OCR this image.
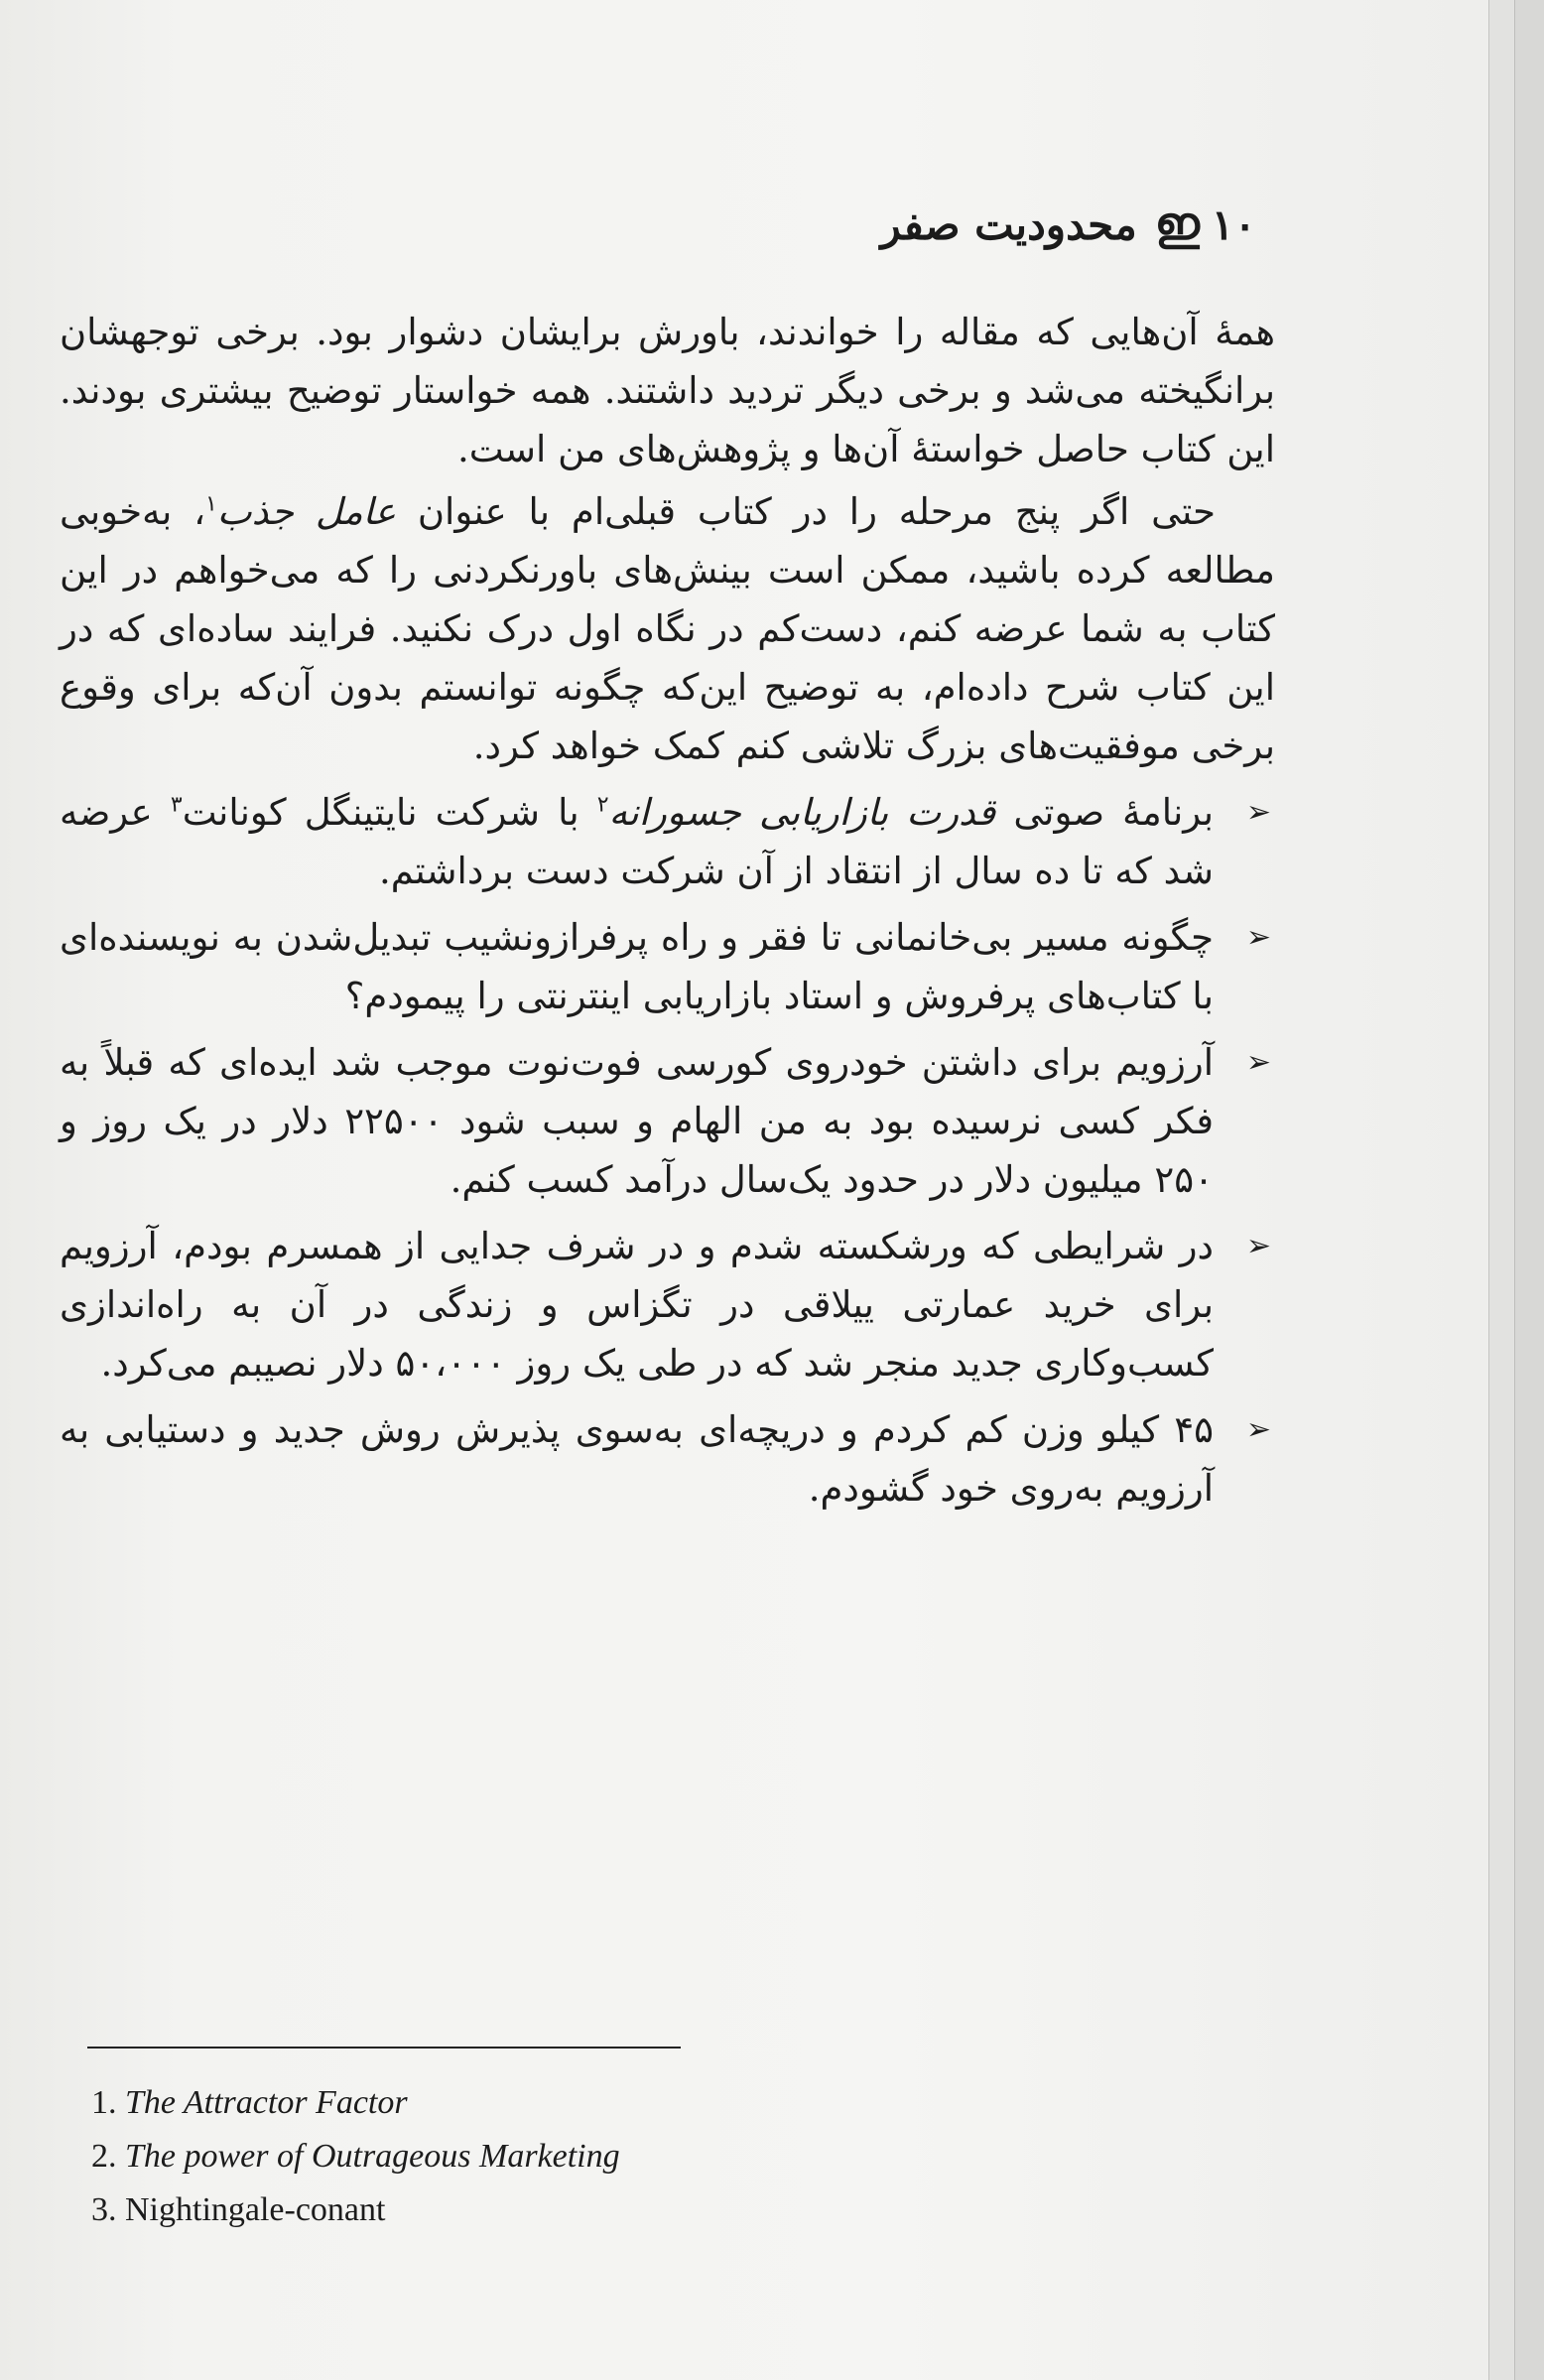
۱۰
ഇ
محدودیت صفر

همهٔ آن‌هایی که مقاله را خواندند، باورش برایشان دشوار بود. برخی توجهشان برانگیخته می‌شد و برخی دیگر تردید داشتند. همه خواستار توضیح بیشتری بودند. این کتاب حاصل خواستهٔ آن‌ها و پژوهش‌های من است.

حتی اگر پنج مرحله را در کتاب قبلی‌ام با عنوان عامل جذب$^۱$، به‌خوبی مطالعه کرده باشید، ممکن است بینش‌های باورنکردنی را که می‌خواهم در این کتاب به شما عرضه کنم، دست‌کم در نگاه اول درک نکنید. فرایند ساده‌ای که در این کتاب شرح داده‌ام، به توضیح این‌که چگونه توانستم بدون آن‌که برای وقوع برخی موفقیت‌های بزرگ تلاشی کنم کمک خواهد کرد.

➢
برنامهٔ صوتی قدرت بازاریابی جسورانه$^۲$ با شرکت نایتینگل کونانت$^۳$ عرضه شد که تا ده سال از انتقاد از آن شرکت دست برداشتم.
➢
چگونه مسیر بی‌خانمانی تا فقر و راه پرفرازونشیب تبدیل‌شدن به نویسنده‌ای با کتاب‌های پرفروش و استاد بازاریابی اینترنتی را پیمودم؟
➢
آرزویم برای داشتن خودروی کورسی فوت‌نوت موجب شد ایده‌ای که قبلاً به فکر کسی نرسیده بود به من الهام و سبب شود ۲۲۵۰۰ دلار در یک روز و ۲۵۰ میلیون دلار در حدود یک‌سال درآمد کسب کنم.
➢
در شرایطی که ورشکسته شدم و در شرف جدایی از همسرم بودم، آرزویم برای خرید عمارتی ییلاقی در تگزاس و زندگی در آن به راه‌اندازی کسب‌وکاری جدید منجر شد که در طی یک روز ۵۰،۰۰۰ دلار نصیبم می‌کرد.
➢
۴۵ کیلو وزن کم کردم و دریچه‌ای به‌سوی پذیرش روش جدید و دستیابی به آرزویم به‌روی خود گشودم.
1. The Attractor Factor
2. The power of Outrageous Marketing
3. Nightingale-conant
